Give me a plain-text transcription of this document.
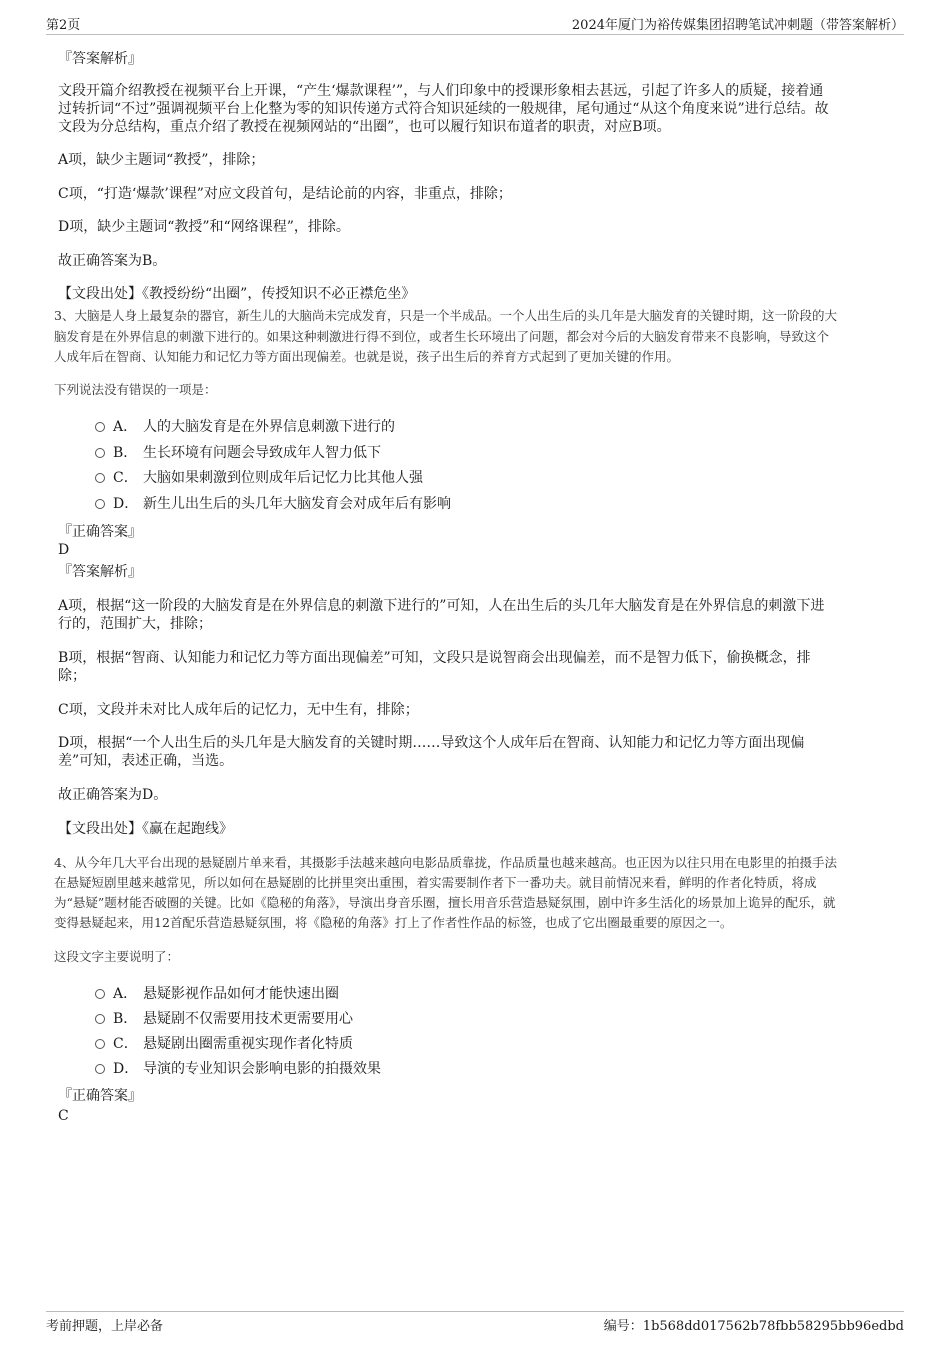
第2页	2024年厦门为裕传媒集团招聘笔试冲刺题（带答案解析）
『答案解析』
文段开篇介绍教授在视频平台上开课，“产生‘爆款课程’”，与人们印象中的授课形象相去甚远，引起了许多人的质疑，接着通
过转折词“不过”强调视频平台上化整为零的知识传递方式符合知识延续的一般规律，尾句通过“从这个角度来说”进行总结。故
文段为分总结构，重点介绍了教授在视频网站的“出圈”，也可以履行知识布道者的职责，对应B项。
A项，缺少主题词“教授”，排除；
C项，“打造‘爆款’课程”对应文段首句，是结论前的内容，非重点，排除；
D项，缺少主题词“教授”和“网络课程”，排除。
故正确答案为B。
【文段出处】《教授纷纷“出圈”，传授知识不必正襟危坐》
3、大脑是人身上最复杂的器官，新生儿的大脑尚未完成发育，只是一个半成品。一个人出生后的头几年是大脑发育的关键时期，这一阶段的大
脑发育是在外界信息的刺激下进行的。如果这种刺激进行得不到位，或者生长环境出了问题，都会对今后的大脑发育带来不良影响，导致这个
人成年后在智商、认知能力和记忆力等方面出现偏差。也就是说，孩子出生后的养育方式起到了更加关键的作用。
下列说法没有错误的一项是：
A． 人的大脑发育是在外界信息刺激下进行的
B． 生长环境有问题会导致成年人智力低下
C． 大脑如果刺激到位则成年后记忆力比其他人强
D． 新生儿出生后的头几年大脑发育会对成年后有影响
『正确答案』
D
『答案解析』
A项，根据“这一阶段的大脑发育是在外界信息的刺激下进行的”可知，人在出生后的头几年大脑发育是在外界信息的刺激下进
行的，范围扩大，排除；
B项，根据“智商、认知能力和记忆力等方面出现偏差”可知，文段只是说智商会出现偏差，而不是智力低下，偷换概念，排
除；
C项，文段并未对比人成年后的记忆力，无中生有，排除；
D项，根据“一个人出生后的头几年是大脑发育的关键时期……导致这个人成年后在智商、认知能力和记忆力等方面出现偏
差”可知，表述正确，当选。
故正确答案为D。
【文段出处】《赢在起跑线》
4、从今年几大平台出现的悬疑剧片单来看，其摄影手法越来越向电影品质靠拢，作品质量也越来越高。也正因为以往只用在电影里的拍摄手法
在悬疑短剧里越来越常见，所以如何在悬疑剧的比拼里突出重围，着实需要制作者下一番功夫。就目前情况来看，鲜明的作者化特质，将成
为“悬疑”题材能否破圈的关键。比如《隐秘的角落》，导演出身音乐圈，擅长用音乐营造悬疑氛围，剧中许多生活化的场景加上诡异的配乐，就
变得悬疑起来，用12首配乐营造悬疑氛围，将《隐秘的角落》打上了作者性作品的标签，也成了它出圈最重要的原因之一。
这段文字主要说明了：
A． 悬疑影视作品如何才能快速出圈
B． 悬疑剧不仅需要用技术更需要用心
C． 悬疑剧出圈需重视实现作者化特质
D． 导演的专业知识会影响电影的拍摄效果
『正确答案』
C
考前押题，上岸必备	编号：1b568dd017562b78fbb58295bb96edbd
